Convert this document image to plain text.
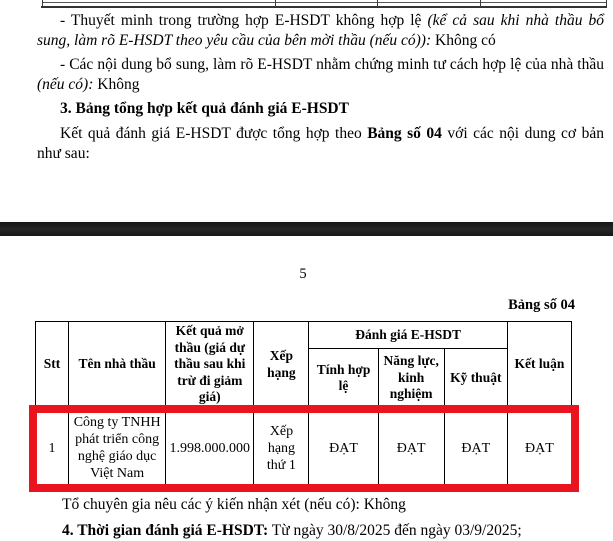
- Thuyết minh trong trường hợp E-HSDT không hợp lệ (kể cả sau khi nhà thầu bổ sung, làm rõ E-HSDT theo yêu cầu của bên mời thầu (nếu có)): Không có

- Các nội dung bổ sung, làm rõ E-HSDT nhằm chứng minh tư cách hợp lệ của nhà thầu (nếu có): Không

3. Bảng tổng hợp kết quả đánh giá E-HSDT

Kết quả đánh giá E-HSDT được tổng hợp theo Bảng số 04 với các nội dung cơ bản như sau:

5
Bảng số 04
Stt	Tên nhà thầu	Kết quả mở thầu (giá dự thầu sau khi trừ đi giảm giá)	Xếp hạng	Đánh giá E-HSDT			Kết luận
				Tính hợp lệ	Năng lực, kinh nghiệm	Kỹ thuật	
1	Công ty TNHH phát triển công nghệ giáo dục Việt Nam	1.998.000.000	Xếp hạng thứ 1	ĐẠT	ĐẠT	ĐẠT	ĐẠT

Tổ chuyên gia nêu các ý kiến nhận xét (nếu có): Không

4. Thời gian đánh giá E-HSDT: Từ ngày 30/8/2025 đến ngày 03/9/2025;
